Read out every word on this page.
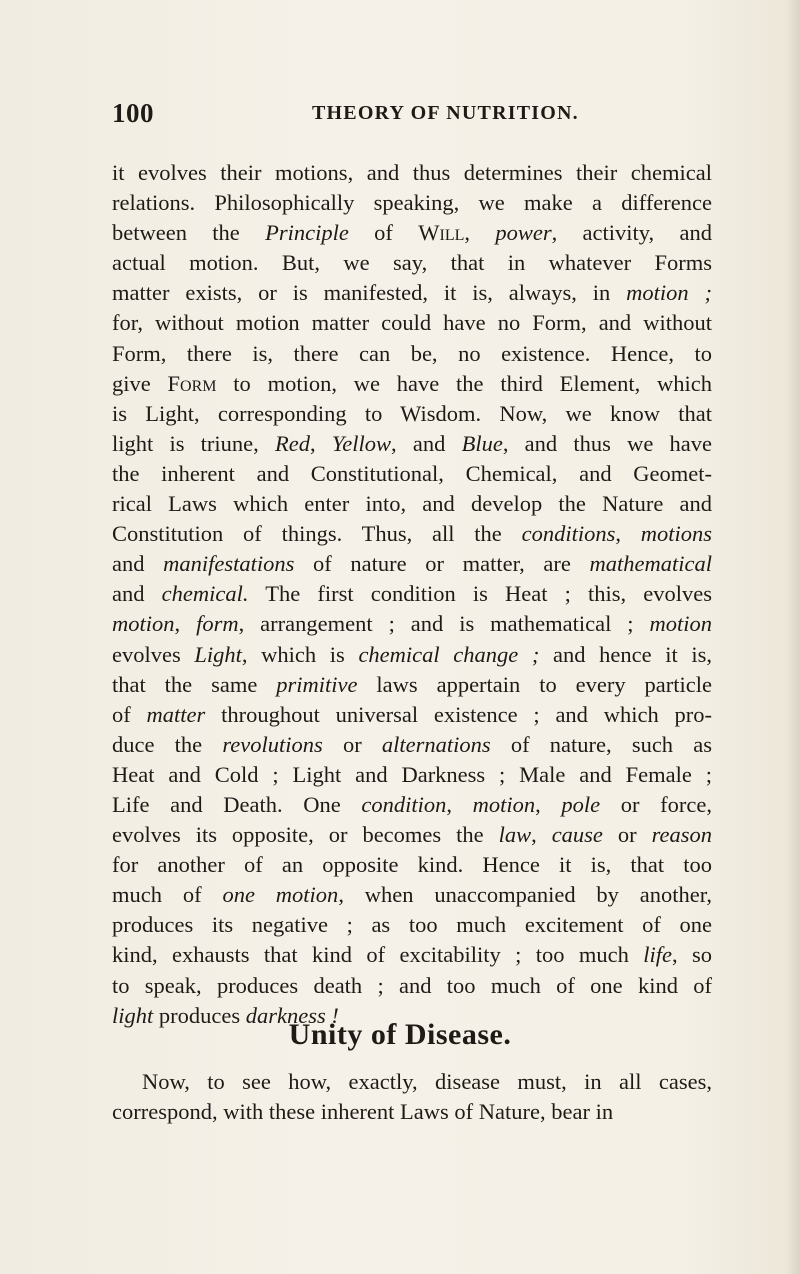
100	THEORY OF NUTRITION.
it evolves their motions, and thus determines their chemical
relations. Philosophically speaking, we make a difference
between the Principle of Will, power, activity, and
actual motion. But, we say, that in whatever Forms
matter exists, or is manifested, it is, always, in motion ;
for, without motion matter could have no Form, and without
Form, there is, there can be, no existence. Hence, to
give Form to motion, we have the third Element, which
is Light, corresponding to Wisdom. Now, we know that
light is triune, Red, Yellow, and Blue, and thus we have
the inherent and Constitutional, Chemical, and Geomet-
rical Laws which enter into, and develop the Nature and
Constitution of things. Thus, all the conditions, motions
and manifestations of nature or matter, are mathematical
and chemical. The first condition is Heat ; this, evolves
motion, form, arrangement ; and is mathematical ; motion
evolves Light, which is chemical change ; and hence it is,
that the same primitive laws appertain to every particle
of matter throughout universal existence ; and which pro-
duce the revolutions or alternations of nature, such as
Heat and Cold ; Light and Darkness ; Male and Female ;
Life and Death. One condition, motion, pole or force,
evolves its opposite, or becomes the law, cause or reason
for another of an opposite kind. Hence it is, that too
much of one motion, when unaccompanied by another,
produces its negative ; as too much excitement of one
kind, exhausts that kind of excitability ; too much life, so
to speak, produces death ; and too much of one kind of
light produces darkness !
Unity of Disease.
Now, to see how, exactly, disease must, in all cases,
correspond, with these inherent Laws of Nature, bear in
